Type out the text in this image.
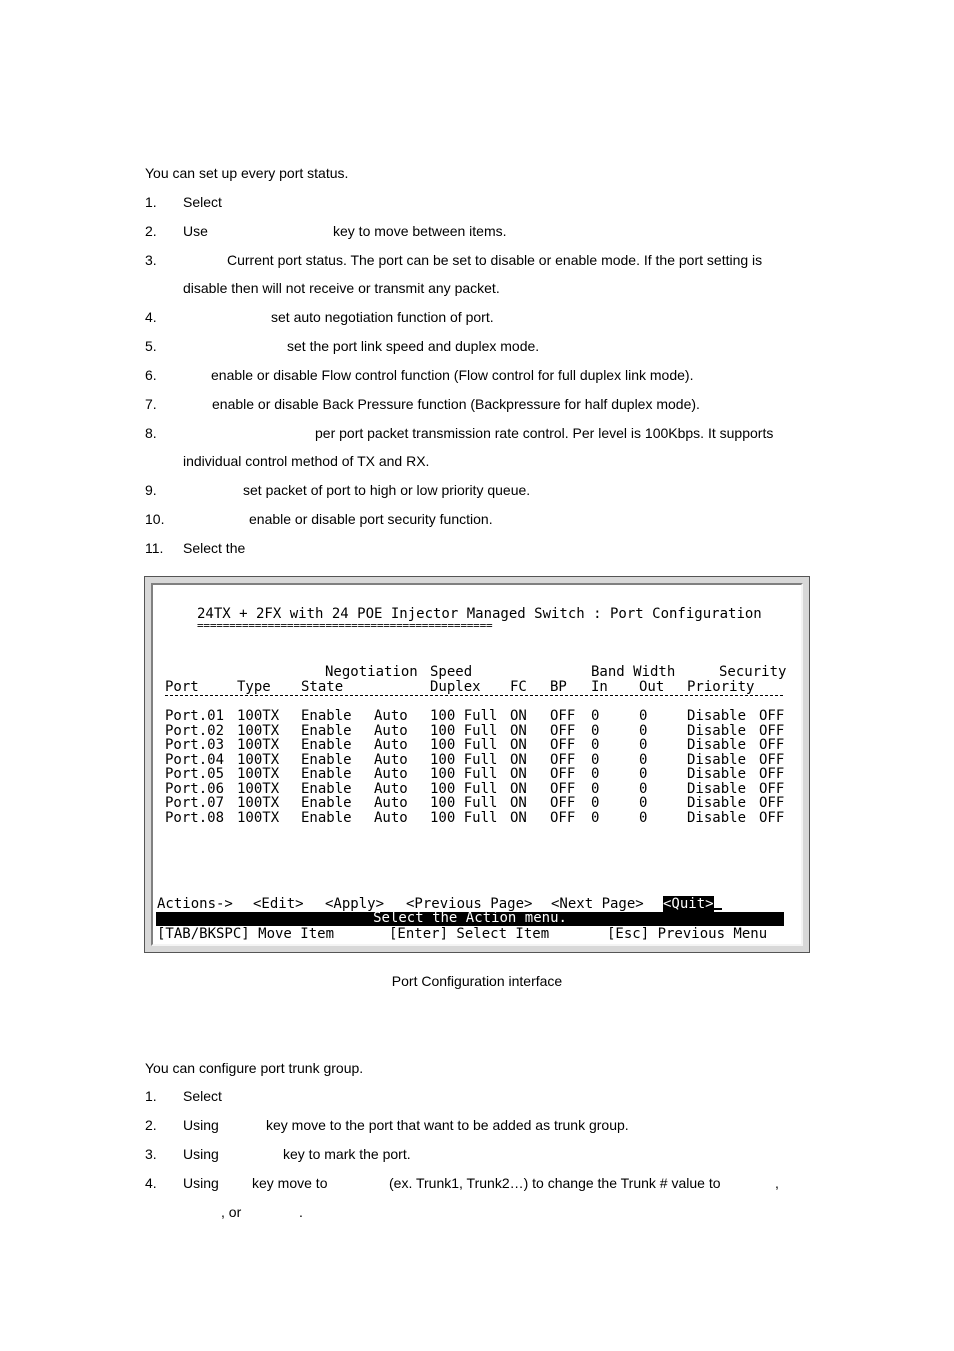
You can set up every port status.
1. Select
2. Use	key to move between items.
3.	Current port status. The port can be set to disable or enable mode. If the port setting is
disable then will not receive or transmit any packet.
4.	set auto negotiation function of port.
5.	set the port link speed and duplex mode.
6.	enable or disable Flow control function (Flow control for full duplex link mode).
7.	enable or disable Back Pressure function (Backpressure for half duplex mode).
8.	per port packet transmission rate control. Per level is 100Kbps. It supports
individual control method of TX and RX.
9.	set packet of port to high or low priority queue.
10.	enable or disable port security function.
11. Select the
24TX + 2FX with 24 POE Injector Managed Switch : Port Configuration
==============================================
Negotiation Speed	Band Width	Security
Port	Type State	Duplex FC BP In Out Priority
Port.01 100TX Enable Auto 100 Full ON OFF 0	0	Disable OFF
Port.02 100TX Enable Auto 100 Full ON OFF 0	0	Disable OFF
Port.03 100TX Enable Auto 100 Full ON OFF 0	0	Disable OFF
Port.04 100TX Enable Auto 100 Full ON OFF 0	0	Disable OFF
Port.05 100TX Enable Auto 100 Full ON OFF 0	0	Disable OFF
Port.06 100TX Enable Auto 100 Full ON OFF 0	0	Disable OFF
Port.07 100TX Enable Auto 100 Full ON OFF 0	0	Disable OFF
Port.08 100TX Enable Auto 100 Full ON OFF 0	0	Disable OFF
Actions-> <Edit> <Apply> <Previous Page> <Next Page> <Quit>
Select the Action menu.
[TAB/BKSPC] Move Item	[Enter] Select Item	[Esc] Previous Menu
Port Configuration interface
You can configure port trunk group.
1. Select
2. Using	key move to the port that want to be added as trunk group.
3. Using	key to mark the port.
4. Using key move to	(ex. Trunk1, Trunk2…) to change the Trunk # value to	,
, or	.
